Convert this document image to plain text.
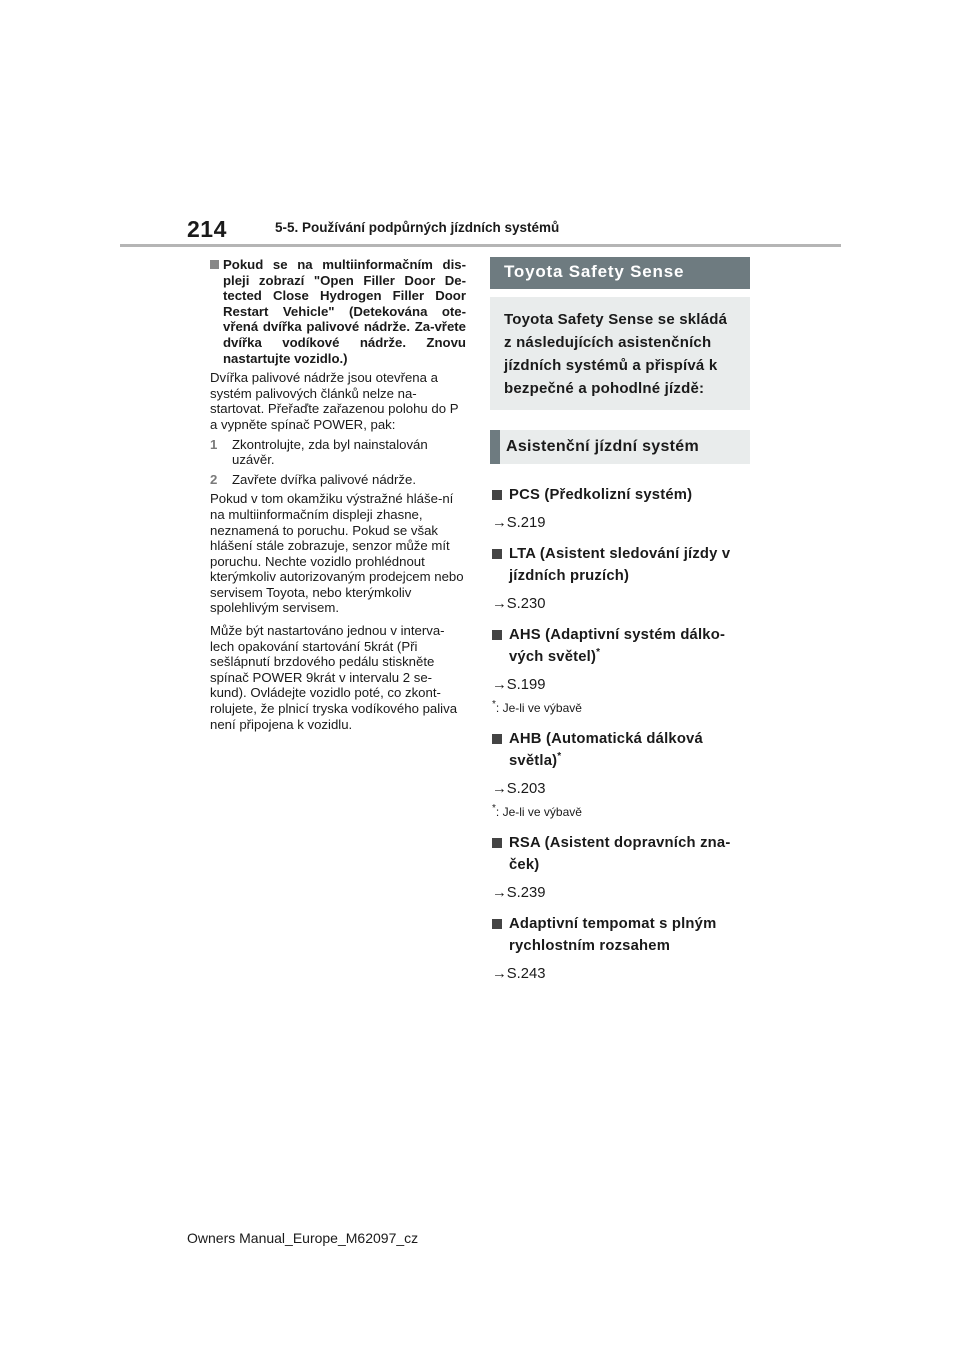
214	5-5. Používání podpůrných jízdních systémů
Pokud se na multiinformačním dis-pleji zobrazí "Open Filler Door De-tected Close Hydrogen Filler Door Restart Vehicle" (Detekována ote-vřená dvířka palivové nádrže. Za-vřete dvířka vodíkové nádrže. Znovu nastartujte vozidlo.)

Dvířka palivové nádrže jsou otevřena a systém palivových článků nelze na-startovat. Přeřaďte zařazenou polohu do P a vypněte spínač POWER, pak:

1	Zkontrolujte, zda byl nainstalován uzávěr.
2	Zavřete dvířka palivové nádrže.

Pokud v tom okamžiku výstražné hláše-ní na multiinformačním displeji zhasne, neznamená to poruchu. Pokud se však hlášení stále zobrazuje, senzor může mít poruchu. Nechte vozidlo prohlédnout kterýmkoliv autorizovaným prodejcem nebo servisem Toyota, nebo kterýmkoliv spolehlivým servisem.

Může být nastartováno jednou v interva-lech opakování startování 5krát (Při sešlápnutí brzdového pedálu stiskněte spínač POWER 9krát v intervalu 2 se-kund). Ovládejte vozidlo poté, co zkont-rolujete, že plnicí tryska vodíkového paliva není připojena k vozidlu.

Toyota Safety Sense
Toyota Safety Sense se skládá z následujících asistenčních jízdních systémů a přispívá k bezpečné a pohodlné jízdě:
Asistenční jízdní systém
PCS (Předkolizní systém)
→S.219
LTA (Asistent sledování jízdy v jízdních pruzích)
→S.230
AHS (Adaptivní systém dálko-vých světel)*
→S.199
*: Je-li ve výbavě
AHB (Automatická dálková světla)*
→S.203
*: Je-li ve výbavě
RSA (Asistent dopravních zna-ček)
→S.239
Adaptivní tempomat s plným rychlostním rozsahem
→S.243
Owners Manual_Europe_M62097_cz
